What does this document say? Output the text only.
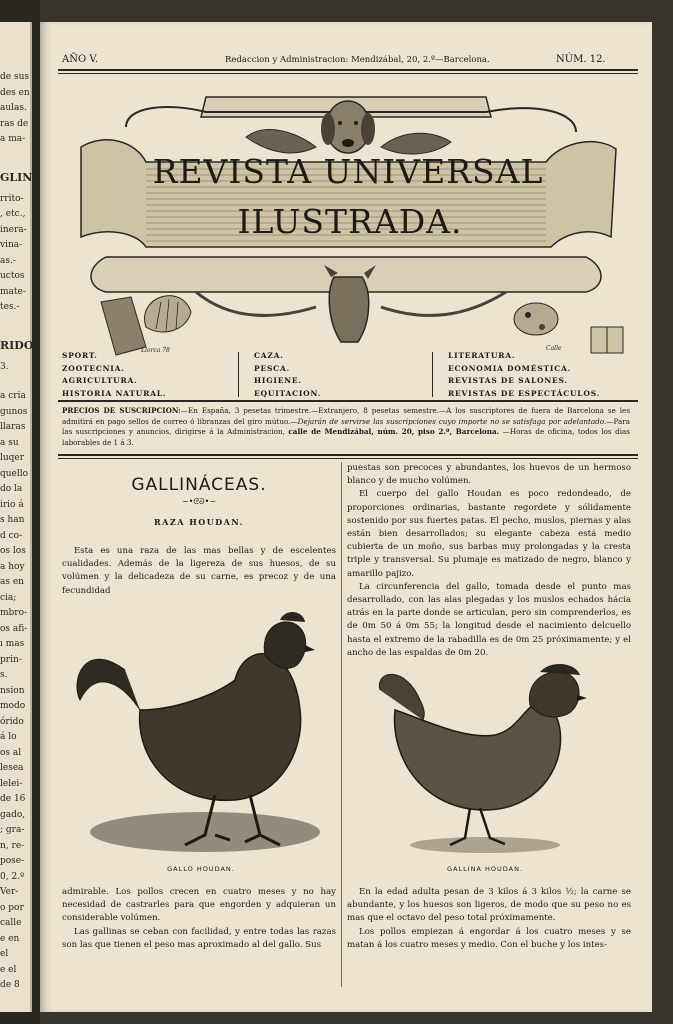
de sus
des en
aulas.
ras de
a ma-
GLIN
rrito-
, etc.,
inera-
vina-
as.-
uctos
mate-
tes.-
RIDO,
3.
a cria
gunos
llaras
a su
luqer
quello
do la
irio á
s han
d co-
os los
a hoy
as en
cia;
mbro-
os afi-
ı mas
prin-
s.
nsion
modo
órido
á lo
os al
lesea
lelei-
de 16
gado,
; gra-
n, re-
pose-
0, 2.º
Ver-
o por
calle
e en
el
e el
de 8
AÑO V.	Redaccion y Administracion: Mendizábal, 20, 2.º—Barcelona.	NÚM. 12.
Llorca 78	Calle
REVISTA UNIVERSAL
ILUSTRADA.
SPORT.
ZOOTECNIA.
AGRICULTURA.
HISTORIA NATURAL.
CAZA.
PESCA.
HIGIENE.
EQUITACION.
LITERATURA.
ECONOMIA DOMÉSTICA.
REVISTAS DE SALONES.
REVISTAS DE ESPECTÁCULOS.
PRECIOS DE SUSCRIPCION:—En España, 3 pesetas trimestre.—Extranjero, 8 pesetas semestre.—A los suscriptores de fuera de Barcelona se les admitirá en pago sellos de correo ó libranzas del giro mútuo.—Dejarán de servirse las suscripciones cuyo importe no se satisfaga por adelantado.—Para las suscripciones y anuncios, dirigirse á la Administracion, calle de Mendizábal, núm. 20, piso 2.º, Barcelona. —Horas de oficina, todos los dias laborables de 1 á 3.
GALLINÁCEAS.
~•ᘓᘐ•~
RAZA HOUDAN.

Esta es una raza de las mas bellas y de escelentes cualidades. Además de la ligereza de sus huesos, de su volúmen y la delicadeza de su carne, es precoz y de una fecundidad

GALLO HOUDAN.

admirable. Los pollos crecen en cuatro meses y no hay necesidad de castrarles para que engorden y adquieran un considerable volúmen.

Las gallinas se ceban con facilidad, y entre todas las razas son las que tienen el peso mas aproximado al del gallo. Sus

puestas son precoces y abundantes, los huevos de un hermoso blanco y de mucho volúmen.

El cuerpo del gallo Houdan es poco redondeado, de proporciones ordinarias, bastante regordete y sólidamente sostenido por sus fuertes patas. El pecho, muslos, piernas y alas están bien desarrollados; su elegante cabeza está medio cubierta de un moño, sus barbas muy prolongadas y la cresta triple y transversal. Su plumaje es matizado de negro, blanco y amarillo pajizo.

La circunferencia del gallo, tomada desde el punto mas desarrollado, con las alas plegadas y los muslos echados hácia atrás en la parte donde se articulan, pero sin comprenderlos, es de 0m 50 á 0m 55; la longitud desde el nacimiento delcuello hasta el extremo de la rabadilla es de 0m 25 próximamente; y el ancho de las espaldas de 0m 20.

GALLINA HOUDAN.

En la edad adulta pesan de 3 kilos á 3 kilos ½; la carne se abundante, y los huesos son ligeros, de modo que su peso no es mas que el octavo del peso total próximamente.

Los pollos empiezan á engordar á los cuatro meses y se matan á los cuatro meses y medio. Con el buche y los intes-
